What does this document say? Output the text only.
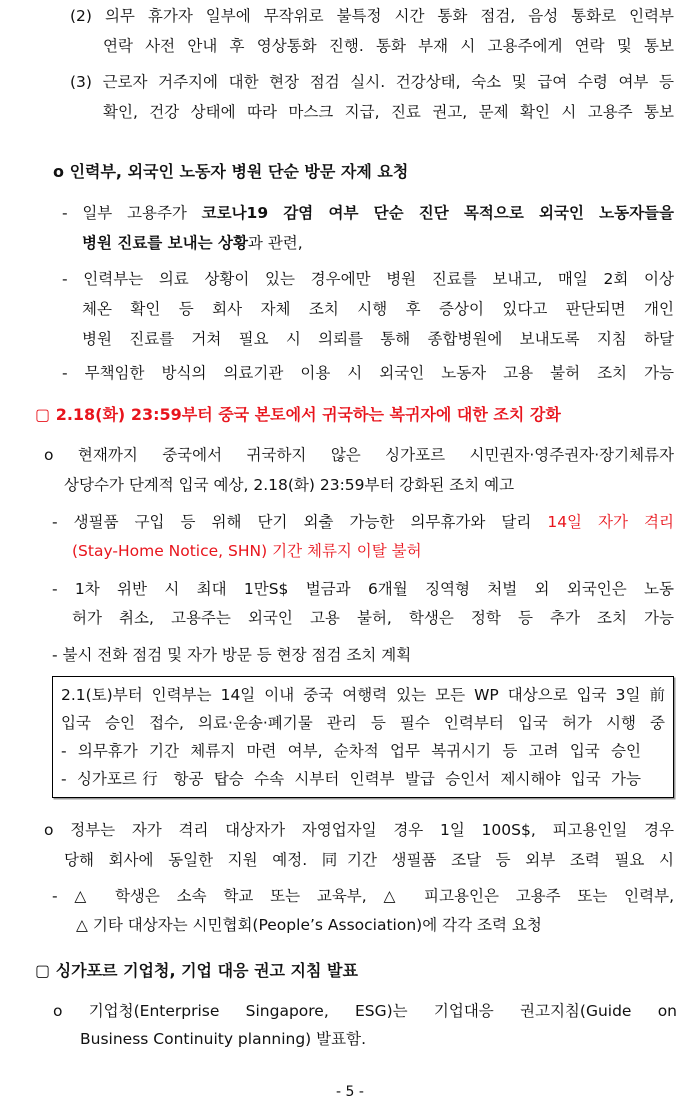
(2) 의무 휴가자 일부에 무작위로 불특정 시간 통화 점검, 음성 통화로 인력부
연락 사전 안내 후 영상통화 진행. 통화 부재 시 고용주에게 연락 및 통보
(3) 근로자 거주지에 대한 현장 점검 실시. 건강상태, 숙소 및 급여 수령 여부 등
확인, 건강 상태에 따라 마스크 지급, 진료 권고, 문제 확인 시 고용주 통보
o 인력부, 외국인 노동자 병원 단순 방문 자제 요청
- 일부 고용주가 코로나19 감염 여부 단순 진단 목적으로 외국인 노동자들을
병원 진료를 보내는 상황과 관련,
- 인력부는 의료 상황이 있는 경우에만 병원 진료를 보내고, 매일 2회 이상
체온 확인 등 회사 자체 조치 시행 후 증상이 있다고 판단되면 개인
병원 진료를 거쳐 필요 시 의뢰를 통해 종합병원에 보내도록 지침 하달
- 무책임한 방식의 의료기관 이용 시 외국인 노동자 고용 불허 조치 가능
▢ 2.18(화) 23:59부터 중국 본토에서 귀국하는 복귀자에 대한 조치 강화
o 현재까지 중국에서 귀국하지 않은 싱가포르 시민권자·영주권자·장기체류자
상당수가 단계적 입국 예상, 2.18(화) 23:59부터 강화된 조치 예고
- 생필품 구입 등 위해 단기 외출 가능한 의무휴가와 달리 14일 자가 격리
(Stay-Home Notice, SHN) 기간 체류지 이탈 불허
- 1차 위반 시 최대 1만S$ 벌금과 6개월 징역형 처벌 외 외국인은 노동
허가 취소, 고용주는 외국인 고용 불허, 학생은 정학 등 추가 조치 가능
- 불시 전화 점검 및 자가 방문 등 현장 점검 조치 계획
2.1(토)부터 인력부는 14일 이내 중국 여행력 있는 모든 WP 대상으로 입국 3일 前
입국 승인 접수, 의료·운송·폐기물 관리 등 필수 인력부터 입국 허가 시행 중
- 의무휴가 기간 체류지 마련 여부, 순차적 업무 복귀시기 등 고려 입국 승인
- 싱가포르行 항공 탑승 수속 시부터 인력부 발급 승인서 제시해야 입국 가능
o 정부는 자가 격리 대상자가 자영업자일 경우 1일 100S$, 피고용인일 경우
당해 회사에 동일한 지원 예정. 同기간 생필품 조달 등 외부 조력 필요 시
- △ 학생은 소속 학교 또는 교육부, △ 피고용인은 고용주 또는 인력부,
△ 기타 대상자는 시민협회(People’s Association)에 각각 조력 요청
▢ 싱가포르 기업청, 기업 대응 권고 지침 발표
o 기업청(Enterprise Singapore, ESG)는 기업대응 권고지침(Guide on
Business Continuity planning) 발표함.
- 5 -
